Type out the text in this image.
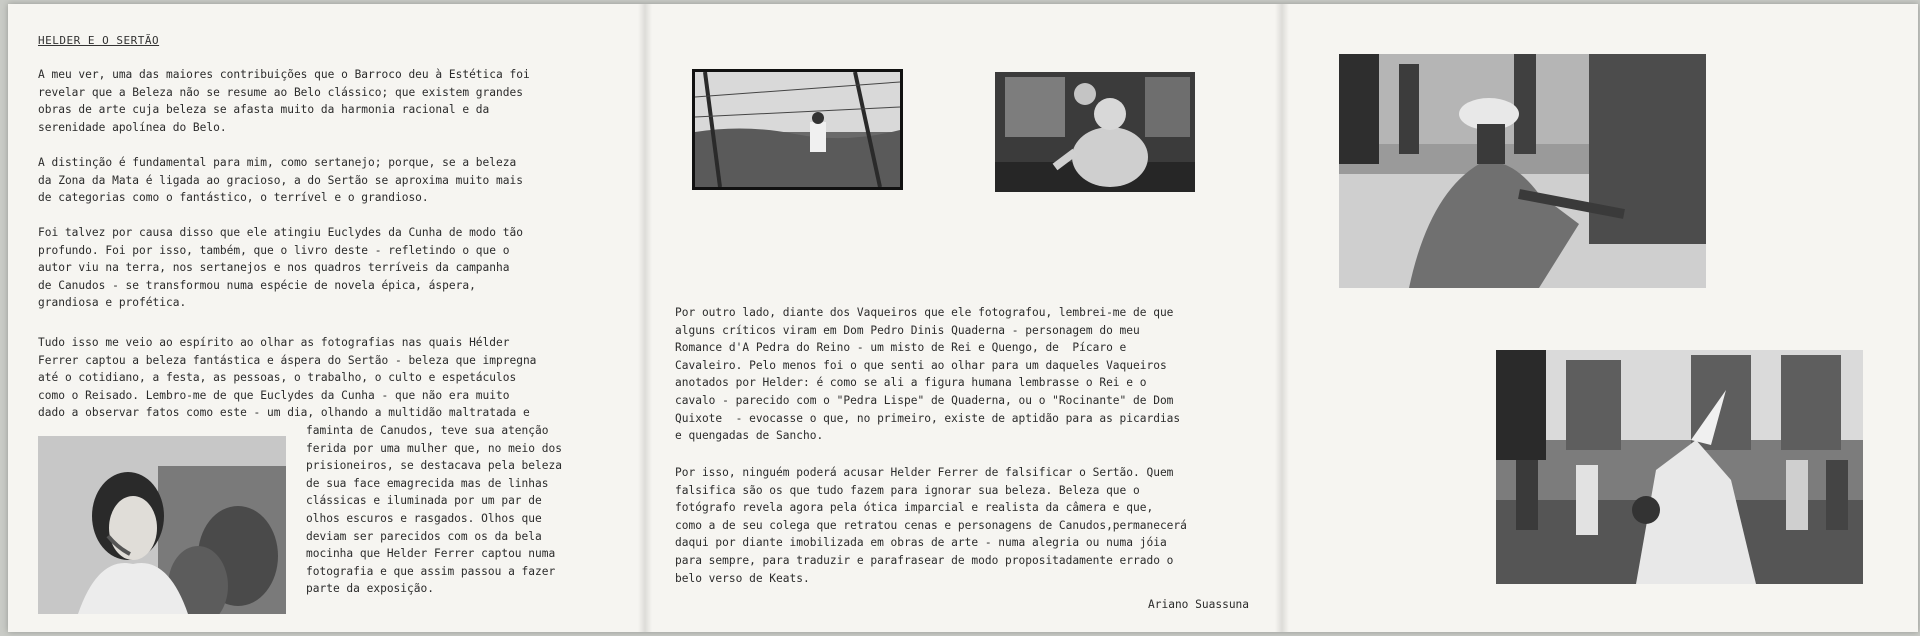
HELDER E O SERTÃO

A meu ver, uma das maiores contribuições que o Barroco deu à Estética foi
revelar que a Beleza não se resume ao Belo clássico; que existem grandes
obras de arte cuja beleza se afasta muito da harmonia racional e da
serenidade apolínea do Belo.

A distinção é fundamental para mim, como sertanejo; porque, se a beleza
da Zona da Mata é ligada ao gracioso, a do Sertão se aproxima muito mais
de categorias como o fantástico, o terrível e o grandioso.

Foi talvez por causa disso que ele atingiu Euclydes da Cunha de modo tão
profundo. Foi por isso, também, que o livro deste - refletindo o que o
autor viu na terra, nos sertanejos e nos quadros terríveis da campanha
de Canudos - se transformou numa espécie de novela épica, áspera,
grandiosa e profética.

Tudo isso me veio ao espírito ao olhar as fotografias nas quais Hélder
Ferrer captou a beleza fantástica e áspera do Sertão - beleza que impregna
até o cotidiano, a festa, as pessoas, o trabalho, o culto e espetáculos
como o Reisado. Lembro-me de que Euclydes da Cunha - que não era muito
dado a observar fatos como este - um dia, olhando a multidão maltratada e

faminta de Canudos, teve sua atenção
ferida por uma mulher que, no meio dos
prisioneiros, se destacava pela beleza
de sua face emagrecida mas de linhas
clássicas e iluminada por um par de
olhos escuros e rasgados. Olhos que
deviam ser parecidos com os da bela
mocinha que Helder Ferrer captou numa
fotografia e que assim passou a fazer
parte da exposição.

Por outro lado, diante dos Vaqueiros que ele fotografou, lembrei-me de que
alguns críticos viram em Dom Pedro Dinis Quaderna - personagem do meu
Romance d'A Pedra do Reino - um misto de Rei e Quengo, de  Pícaro e
Cavaleiro. Pelo menos foi o que senti ao olhar para um daqueles Vaqueiros
anotados por Helder: é como se ali a figura humana lembrasse o Rei e o
cavalo - parecido com o "Pedra Lispe" de Quaderna, ou o "Rocinante" de Dom
Quixote  - evocasse o que, no primeiro, existe de aptidão para as picardias
e quengadas de Sancho.

Por isso, ninguém poderá acusar Helder Ferrer de falsificar o Sertão. Quem
falsifica são os que tudo fazem para ignorar sua beleza. Beleza que o
fotógrafo revela agora pela ótica imparcial e realista da câmera e que,
como a de seu colega que retratou cenas e personagens de Canudos,permanecerá
daqui por diante imobilizada em obras de arte - numa alegria ou numa jóia
para sempre, para traduzir e parafrasear de modo propositadamente errado o
belo verso de Keats.

Ariano Suassuna
